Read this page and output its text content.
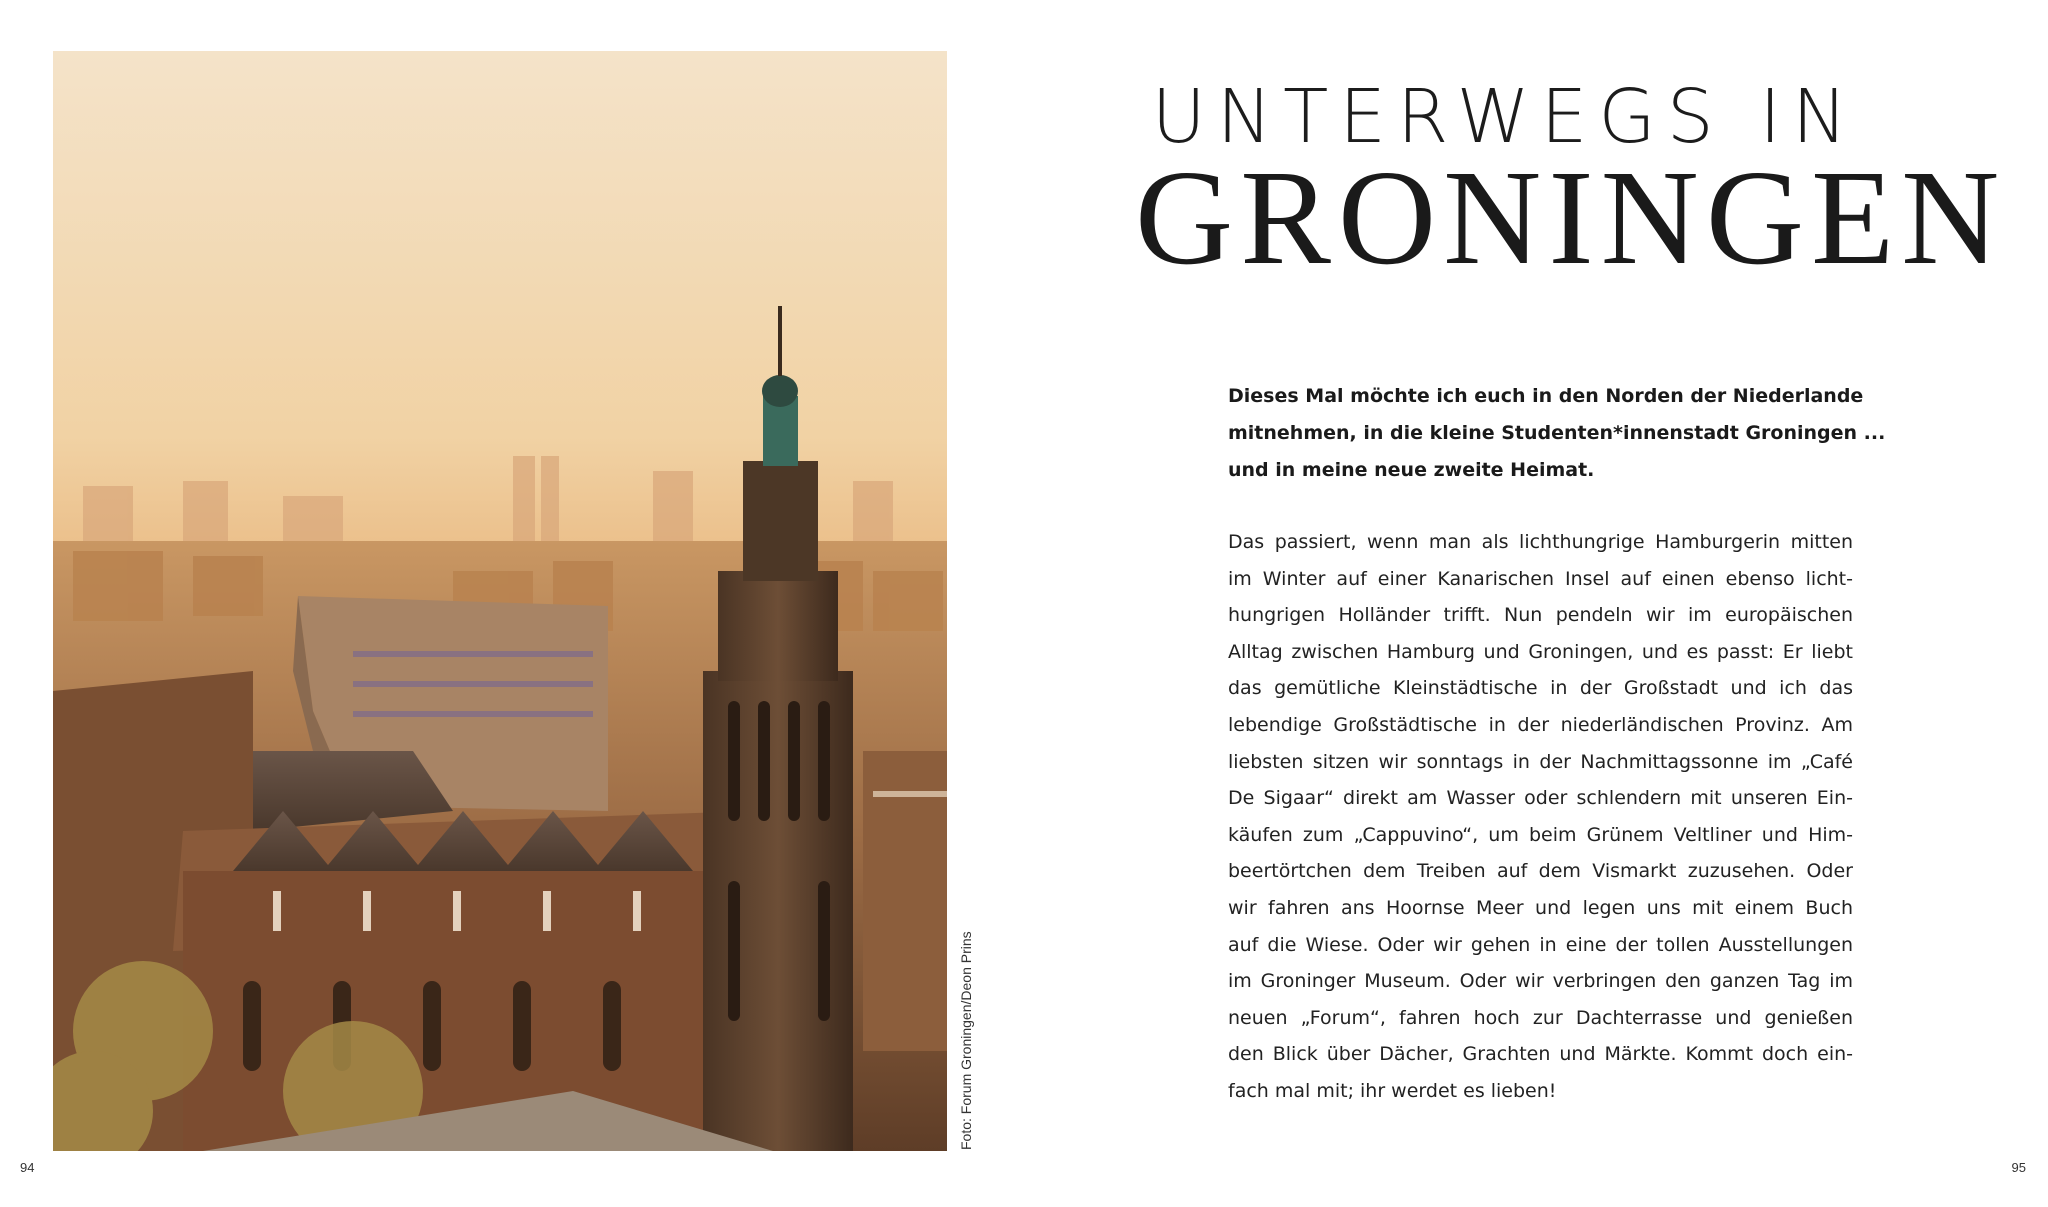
Foto: Forum Groningen/Deon Prins
94	95
UNTERWEGS IN
GRONINGEN
Dieses Mal möchte ich euch in den Norden der Niederlande
mitnehmen, in die kleine Studenten*innenstadt Groningen ...
und in meine neue zweite Heimat.
Das passiert, wenn man als lichthungrige Hamburgerin mitten
im Winter auf einer Kanarischen Insel auf einen ebenso licht-
hungrigen Holländer trifft. Nun pendeln wir im europäischen
Alltag zwischen Hamburg und Groningen, und es passt: Er liebt
das gemütliche Kleinstädtische in der Großstadt und ich das
lebendige Großstädtische in der niederländischen Provinz. Am
liebsten sitzen wir sonntags in der Nachmittagssonne im „Café
De Sigaar“ direkt am Wasser oder schlendern mit unseren Ein-
käufen zum „Cappuvino“, um beim Grünem Veltliner und Him-
beertörtchen dem Treiben auf dem Vismarkt zuzusehen. Oder
wir fahren ans Hoornse Meer und legen uns mit einem Buch
auf die Wiese. Oder wir gehen in eine der tollen Ausstellungen
im Groninger Museum. Oder wir verbringen den ganzen Tag im
neuen „Forum“, fahren hoch zur Dachterrasse und genießen
den Blick über Dächer, Grachten und Märkte. Kommt doch ein-
fach mal mit; ihr werdet es lieben!
